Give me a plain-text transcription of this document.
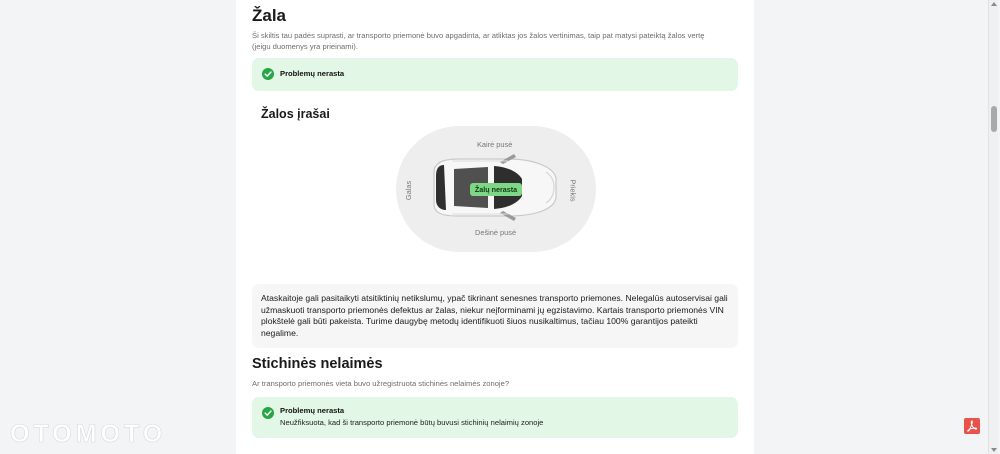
Žala
Ši skiltis tau padės suprasti, ar transporto priemonė buvo apgadinta, ar atliktas jos žalos vertinimas, taip pat matysi pateiktą žalos vertę (jeigu duomenys yra prieinami).
Problemų nerasta
Žalos įrašai
Kairė pusė
Dešinė pusė
Galas	Priekis
Žalų nerasta
Ataskaitoje gali pasitaikyti atsitiktinių netikslumų, ypač tikrinant senesnes transporto priemones. Nelegalūs autoservisai gali užmaskuoti transporto priemonės defektus ar žalas, niekur neįforminami jų egzistavimo. Kartais transporto priemonės VIN plokštelė gali būti pakeista. Turime daugybę metodų identifikuoti šiuos nusikaltimus, tačiau 100% garantijos pateikti negalime.
Stichinės nelaimės
Ar transporto priemonės vieta buvo užregistruota stichinės nelaimės zonoje?
Problemų nerasta
Neužfiksuota, kad ši transporto priemonė būtų buvusi stichinių nelaimių zonoje
OTOMOTO
